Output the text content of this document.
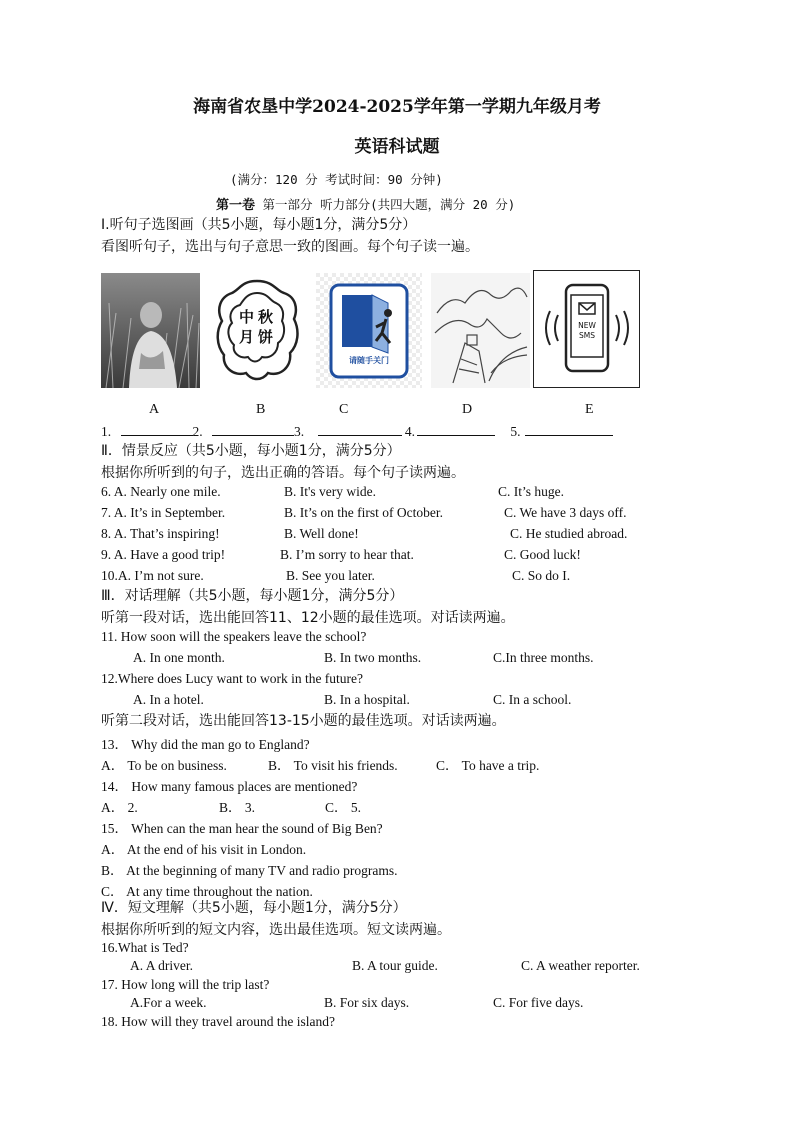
海南省农垦中学2024-2025学年第一学期九年级月考
英语科试题
(满分：120 分 考试时间：90 分钟)
第一卷 第一部分 听力部分(共四大题，满分 20 分)
I.听句子选图画（共5小题，每小题1分，满分5分）
看图听句子，选出与句子意思一致的图画。每个句子读一遍。
中 秋
月 饼
请随手关门
NEW
SMS
A	B	C	D	E
1.	2.	3.	4.	5.
Ⅱ．情景反应（共5小题，每小题1分，满分5分）
根据你所听到的句子，选出正确的答语。每个句子读两遍。
6. A. Nearly one mile.	B. It's very wide.	C. It’s huge.
7. A. It’s in September.	B. It’s on the first of October.	C. We have 3 days off.
8. A. That’s inspiring!	B. Well done!	C. He studied abroad.
9. A. Have a good trip!	B. I’m sorry to hear that.	C. Good luck!
10.A. I’m not sure.	B. See you later.	C. So do I.
Ⅲ．对话理解（共5小题，每小题1分，满分5分）
听第一段对话，选出能回答11、12小题的最佳选项。对话读两遍。
11. How soon will the speakers leave the school?
A. In one month.	B. In two months.	C.In three months.
12.Where does Lucy want to work in the future?
A. In a hotel.	B. In a hospital.	C. In a school.
听第二段对话，选出能回答13-15小题的最佳选项。对话读两遍。
13． Why did the man go to England?
A． To be on business.	B． To visit his friends.	C． To have a trip.
14． How many famous places are mentioned?
A． 2.	B． 3.	C． 5.
15． When can the man hear the sound of Big Ben?
A． At the end of his visit in London.
B． At the beginning of many TV and radio programs.
C． At any time throughout the nation.
Ⅳ．短文理解（共5小题，每小题1分，满分5分）
根据你所听到的短文内容，选出最佳选项。短文读两遍。
16.What is Ted?
A. A driver.	B. A tour guide.	C. A weather reporter.
17. How long will the trip last?
A.For a week.	B. For six days.	C. For five days.
18. How will they travel around the island?
